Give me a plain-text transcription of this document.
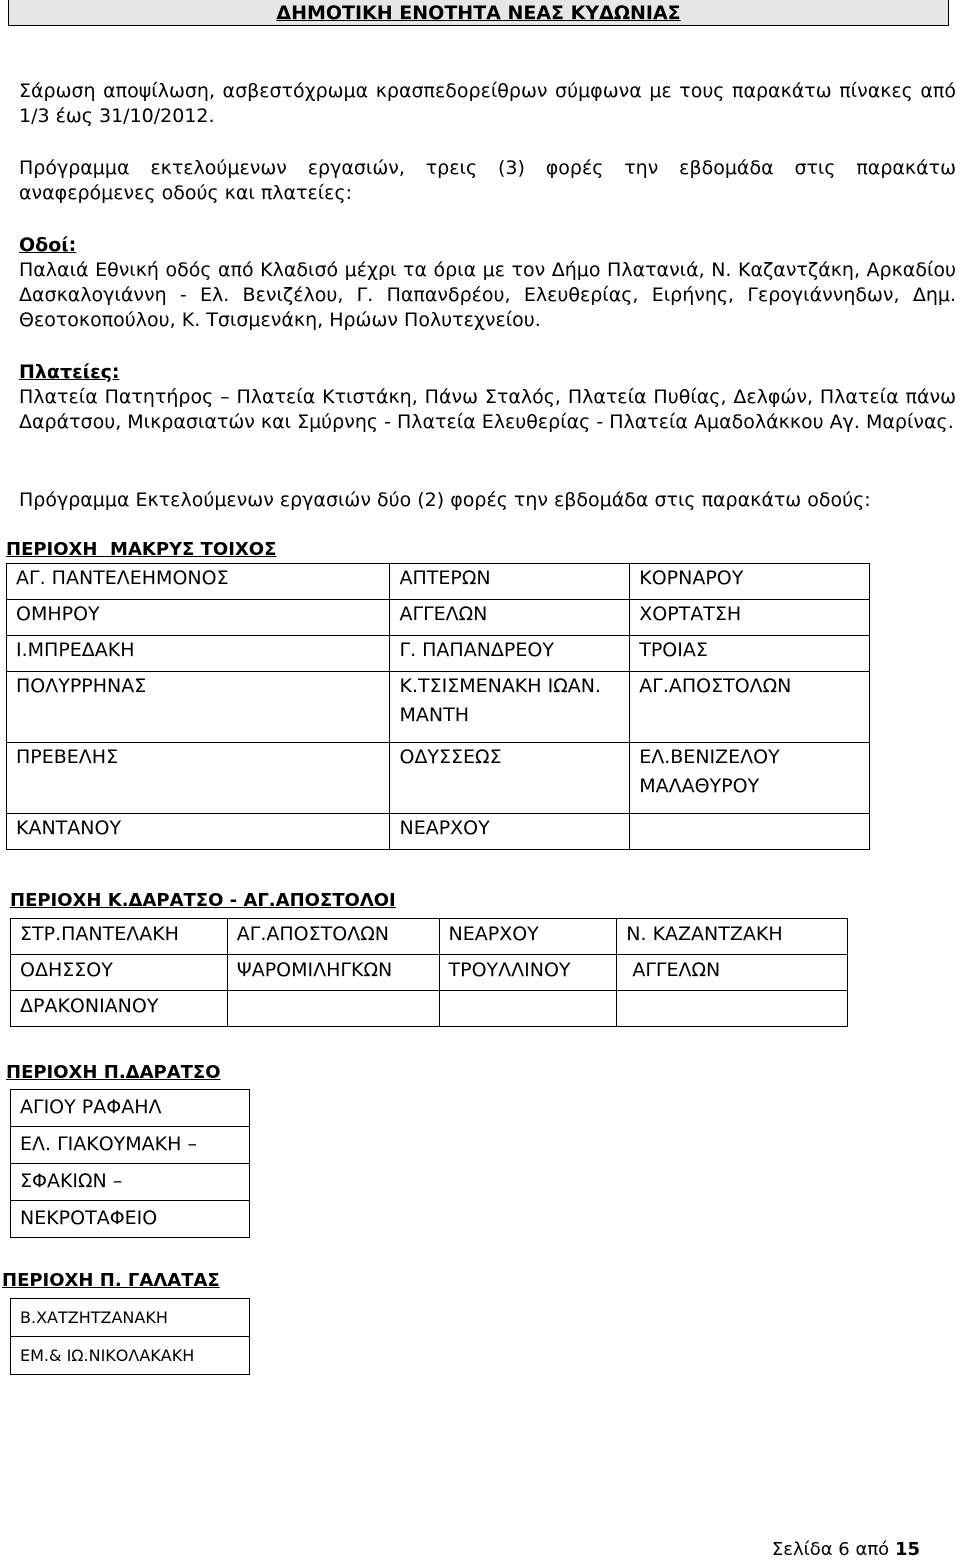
ΔΗΜΟΤΙΚΗ ΕΝΟΤΗΤΑ ΝΕΑΣ ΚΥΔΩΝΙΑΣ
Σάρωση αποψίλωση, ασβεστόχρωμα κρασπεδορείθρων σύμφωνα με τους παρακάτω πίνακες από 1/3 έως 31/10/2012.
Πρόγραμμα εκτελούμενων εργασιών, τρεις (3) φορές την εβδομάδα στις παρακάτω αναφερόμενες οδούς και πλατείες:
Οδοί:
Παλαιά Εθνική οδός από Κλαδισό μέχρι τα όρια με τον Δήμο Πλατανιά, Ν. Καζαντζάκη, Αρκαδίου Δασκαλογιάννη - Ελ. Βενιζέλου, Γ. Παπανδρέου, Ελευθερίας, Ειρήνης, Γερογιάννηδων, Δημ. Θεοτοκοπούλου, Κ. Τσισμενάκη, Ηρώων Πολυτεχνείου.
Πλατείες:
Πλατεία Πατητήρος – Πλατεία Κτιστάκη, Πάνω Σταλός, Πλατεία Πυθίας, Δελφών, Πλατεία πάνω Δαράτσου, Μικρασιατών και Σμύρνης - Πλατεία Ελευθερίας - Πλατεία Αμαδολάκκου Αγ. Μαρίνας.
Πρόγραμμα Εκτελούμενων εργασιών δύο (2) φορές την εβδομάδα στις παρακάτω οδούς:
ΠΕΡΙΟΧΗ  ΜΑΚΡΥΣ ΤΟΙΧΟΣ
ΑΓ. ΠΑΝΤΕΛΕΗΜΟΝΟΣ	ΑΠΤΕΡΩΝ	ΚΟΡΝΑΡΟΥ
ΟΜΗΡΟΥ	ΑΓΓΕΛΩΝ	ΧΟΡΤΑΤΣΗ
Ι.ΜΠΡΕΔΑΚΗ	Γ. ΠΑΠΑΝΔΡΕΟΥ	ΤΡΟΙΑΣ
ΠΟΛΥΡΡΗΝΑΣ	Κ.ΤΣΙΣΜΕΝΑΚΗ ΙΩΑΝ. ΜΑΝΤΗ	ΑΓ.ΑΠΟΣΤΟΛΩΝ
ΠΡΕΒΕΛΗΣ	ΟΔΥΣΣΕΩΣ	ΕΛ.ΒΕΝΙΖΕΛΟΥ ΜΑΛΑΘΥΡΟΥ
ΚΑΝΤΑΝΟΥ	ΝΕΑΡΧΟΥ	
ΠΕΡΙΟΧΗ Κ.ΔΑΡΑΤΣΟ - ΑΓ.ΑΠΟΣΤΟΛΟΙ
ΣΤΡ.ΠΑΝΤΕΛΑΚΗ	ΑΓ.ΑΠΟΣΤΟΛΩΝ	ΝΕΑΡΧΟΥ	Ν. ΚΑΖΑΝΤΖΑΚΗ
ΟΔΗΣΣΟΥ	ΨΑΡΟΜΙΛΗΓΚΩΝ	ΤΡΟΥΛΛΙΝΟΥ	ΑΓΓΕΛΩΝ
ΔΡΑΚΟΝΙΑΝΟΥ			
ΠΕΡΙΟΧΗ Π.ΔΑΡΑΤΣΟ
ΑΓΙΟΥ ΡΑΦΑΗΛ
ΕΛ. ΓΙΑΚΟΥΜΑΚΗ –
ΣΦΑΚΙΩΝ –
ΝΕΚΡΟΤΑΦΕΙΟ
ΠΕΡΙΟΧΗ Π. ΓΑΛΑΤΑΣ
Β.ΧΑΤΖΗΤΖΑΝΑΚΗ
ΕΜ.& ΙΩ.ΝΙΚΟΛΑΚΑΚΗ
Σελίδα 6 από 15
